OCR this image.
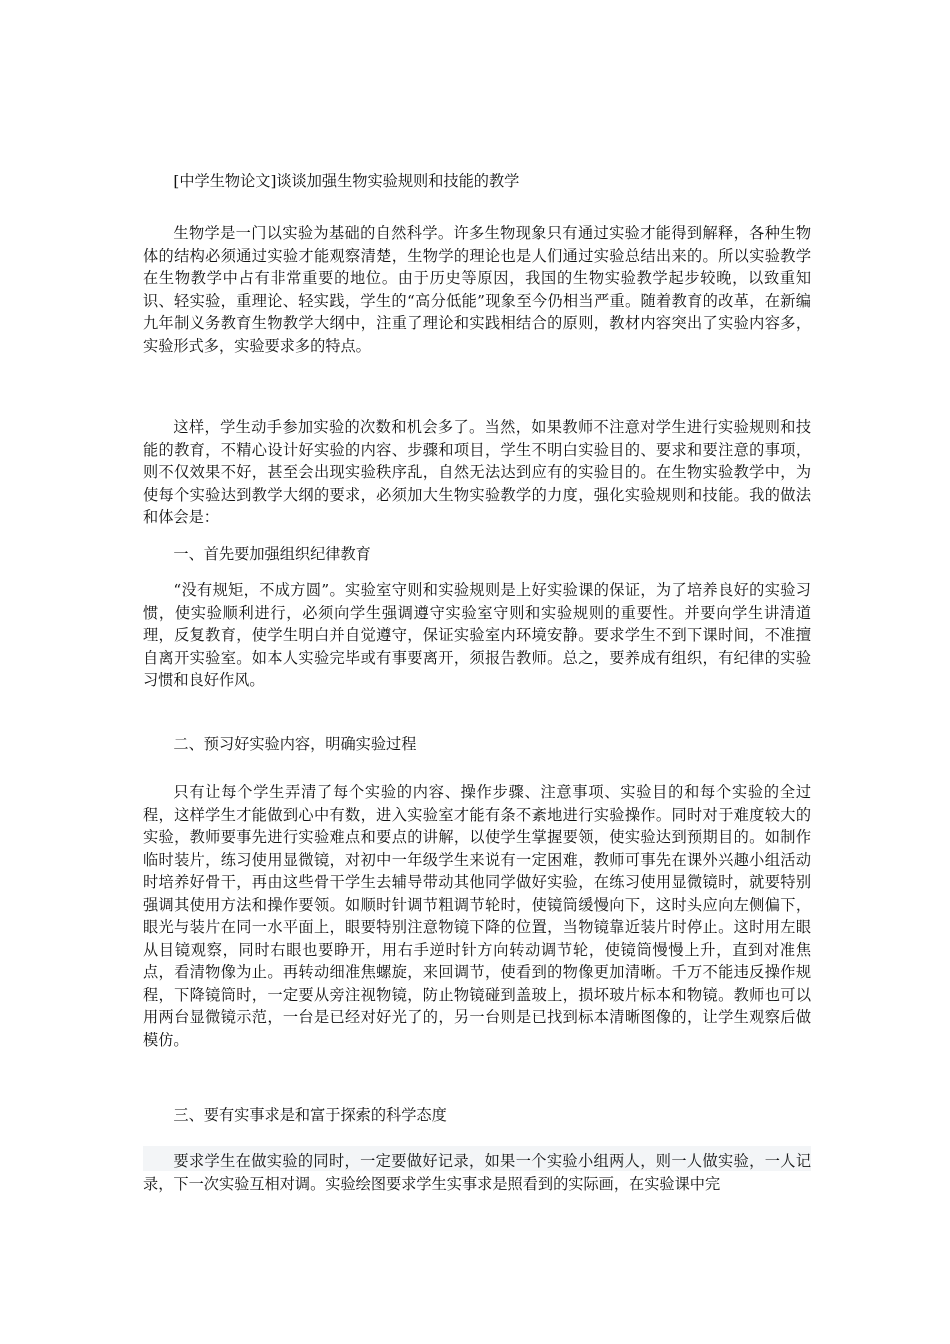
[中学生物论文]谈谈加强生物实验规则和技能的教学

生物学是一门以实验为基础的自然科学。许多生物现象只有通过实验才能得到解释，各种生物体的结构必须通过实验才能观察清楚，生物学的理论也是人们通过实验总结出来的。所以实验教学在生物教学中占有非常重要的地位。由于历史等原因，我国的生物实验教学起步较晚，以致重知识、轻实验，重理论、轻实践，学生的“高分低能”现象至今仍相当严重。随着教育的改革，在新编九年制义务教育生物教学大纲中，注重了理论和实践相结合的原则，教材内容突出了实验内容多，实验形式多，实验要求多的特点。

这样，学生动手参加实验的次数和机会多了。当然，如果教师不注意对学生进行实验规则和技能的教育，不精心设计好实验的内容、步骤和项目，学生不明白实验目的、要求和要注意的事项，则不仅效果不好，甚至会出现实验秩序乱，自然无法达到应有的实验目的。在生物实验教学中，为使每个实验达到教学大纲的要求，必须加大生物实验教学的力度，强化实验规则和技能。我的做法和体会是：

一、首先要加强组织纪律教育

“没有规矩，不成方圆”。实验室守则和实验规则是上好实验课的保证，为了培养良好的实验习惯，使实验顺利进行，必须向学生强调遵守实验室守则和实验规则的重要性。并要向学生讲清道理，反复教育，使学生明白并自觉遵守，保证实验室内环境安静。要求学生不到下课时间，不准擅自离开实验室。如本人实验完毕或有事要离开，须报告教师。总之，要养成有组织，有纪律的实验习惯和良好作风。

二、预习好实验内容，明确实验过程

只有让每个学生弄清了每个实验的内容、操作步骤、注意事项、实验目的和每个实验的全过程，这样学生才能做到心中有数，进入实验室才能有条不紊地进行实验操作。同时对于难度较大的实验，教师要事先进行实验难点和要点的讲解，以使学生掌握要领，使实验达到预期目的。如制作临时装片，练习使用显微镜，对初中一年级学生来说有一定困难，教师可事先在课外兴趣小组活动时培养好骨干，再由这些骨干学生去辅导带动其他同学做好实验，在练习使用显微镜时，就要特别强调其使用方法和操作要领。如顺时针调节粗调节轮时，使镜筒缓慢向下，这时头应向左侧偏下，眼光与装片在同一水平面上，眼要特别注意物镜下降的位置，当物镜靠近装片时停止。这时用左眼从目镜观察，同时右眼也要睁开，用右手逆时针方向转动调节轮，使镜筒慢慢上升，直到对准焦点，看清物像为止。再转动细准焦螺旋，来回调节，使看到的物像更加清晰。千万不能违反操作规程，下降镜筒时，一定要从旁注视物镜，防止物镜碰到盖玻上，损坏玻片标本和物镜。教师也可以用两台显微镜示范，一台是已经对好光了的，另一台则是已找到标本清晰图像的，让学生观察后做模仿。

三、要有实事求是和富于探索的科学态度

要求学生在做实验的同时，一定要做好记录，如果一个实验小组两人，则一人做实验，一人记录，下一次实验互相对调。实验绘图要求学生实事求是照看到的实际画，在实验课中完
